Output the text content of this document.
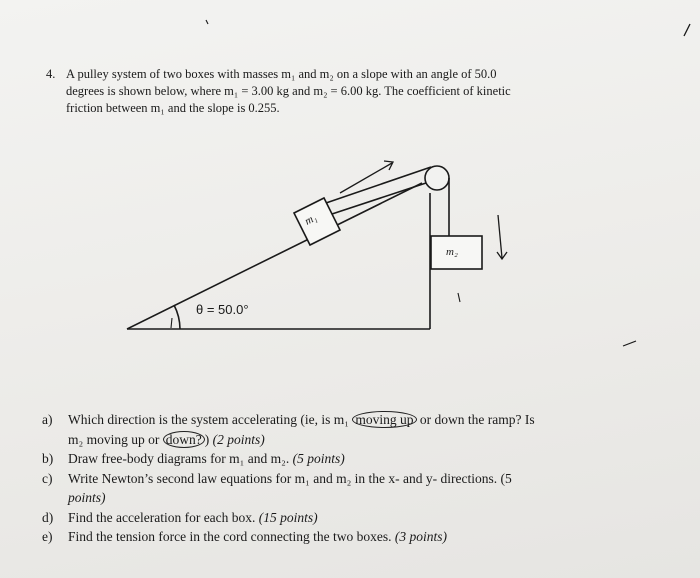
4. A pulley system of two boxes with masses m₁ and m₂ on a slope with an angle of 50.0
degrees is shown below, where m₁ = 3.00 kg and m₂ = 6.00 kg. The coefficient of kinetic
friction between m₁ and the slope is 0.255.
m₁
m₂
θ = 50.0°
a) Which direction is the system accelerating (ie, is m₁ moving up or down the ramp? Is
m₂ moving up or down? ) (2 points)
b) Draw free-body diagrams for m₁ and m₂. (5 points)
c) Write Newton’s second law equations for m₁ and m₂ in the x- and y- directions. (5
points)
d) Find the acceleration for each box. (15 points)
e) Find the tension force in the cord connecting the two boxes. (3 points)
